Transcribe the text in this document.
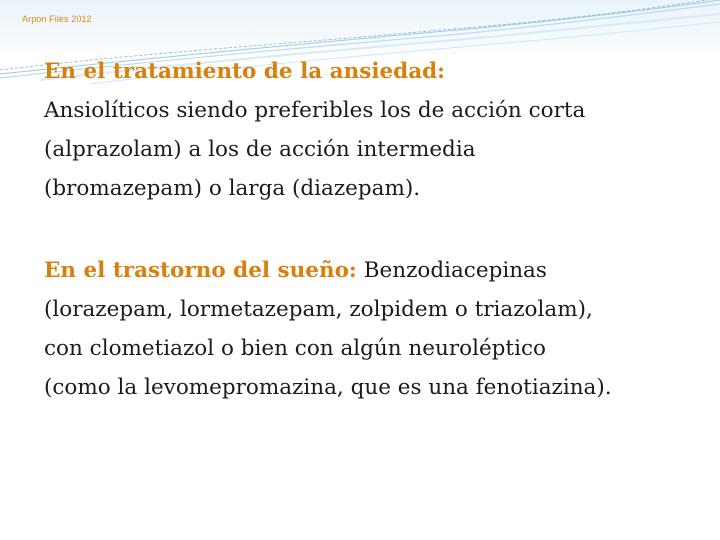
Arpon Files 2012
En el tratamiento de la ansiedad:
Ansiolíticos siendo preferibles los de acción corta
(alprazolam) a los de acción intermedia
(bromazepam) o larga (diazepam).
En el trastorno del sueño: Benzodiacepinas
(lorazepam, lormetazepam, zolpidem o triazolam),
con clometiazol o bien con algún neuroléptico
(como la levomepromazina, que es una fenotiazina).
